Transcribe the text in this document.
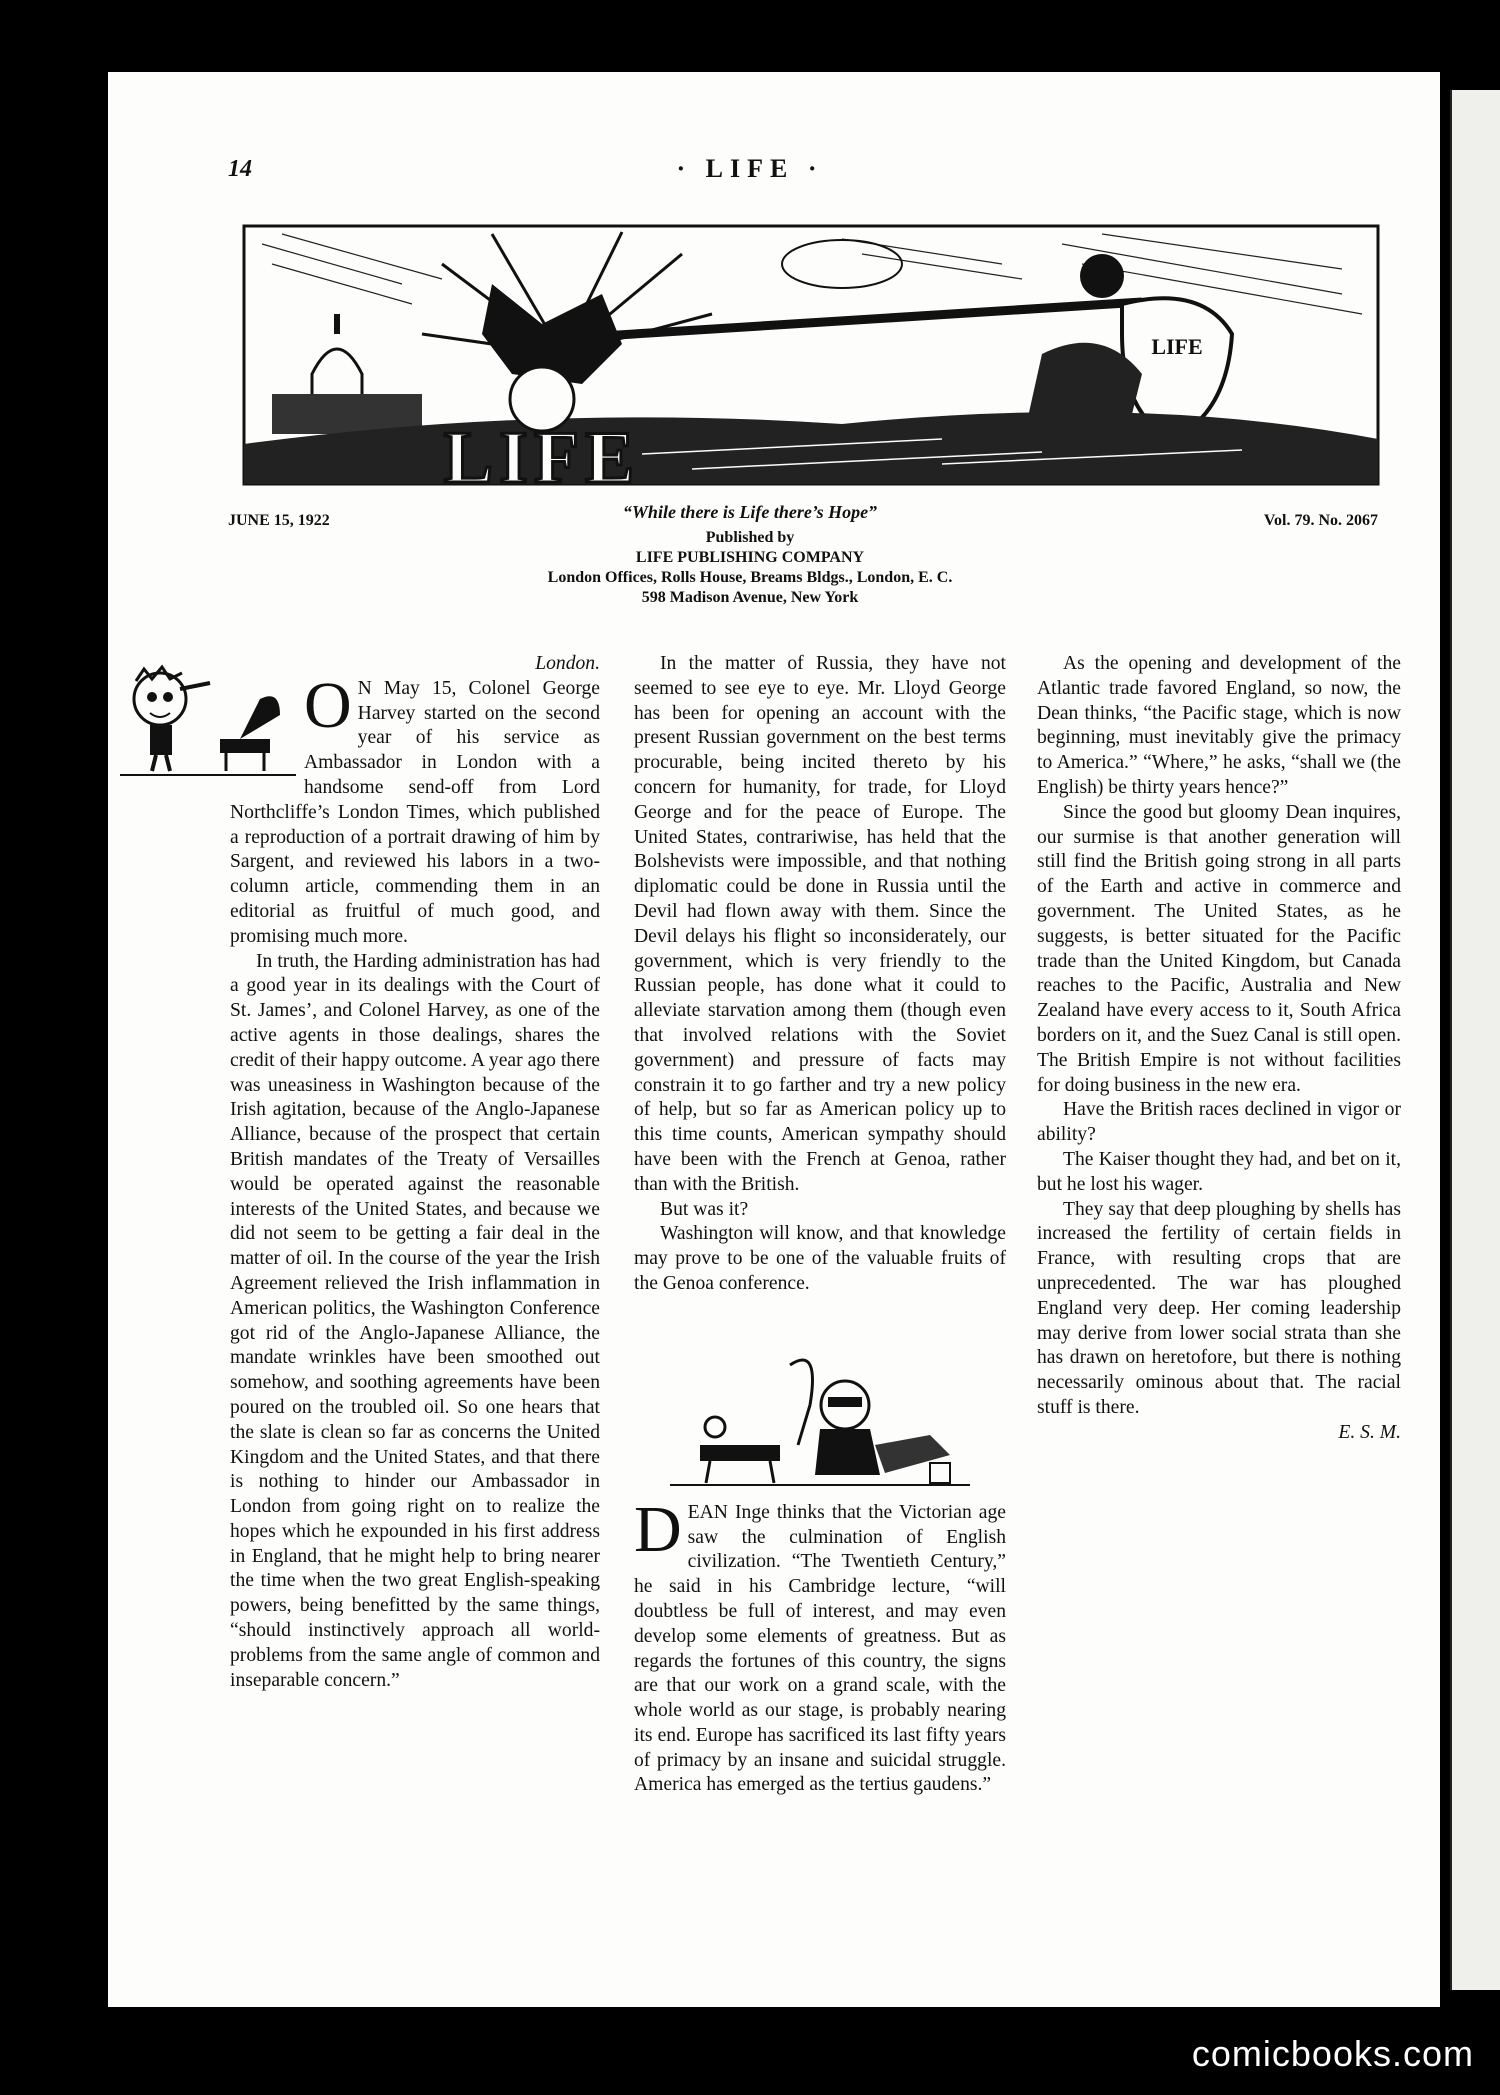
14	· LIFE ·
LIFE
LIFE
JUNE 15, 1922	“While there is Life there’s Hope”
Published by
LIFE PUBLISHING COMPANY
London Offices, Rolls House, Breams Bldgs., London, E. C.
598 Madison Avenue, New York
Vol. 79. No. 2067

London.

O N May 15, Colonel George Harvey started on the second year of his service as Ambassador in London with a handsome send-off from Lord Northcliffe’s London Times, which published a reproduction of a portrait drawing of him by Sargent, and reviewed his labors in a two-column article, commending them in an editorial as fruitful of much good, and promising much more.

In truth, the Harding administration has had a good year in its dealings with the Court of St. James’, and Colonel Harvey, as one of the active agents in those dealings, shares the credit of their happy outcome. A year ago there was uneasiness in Washington because of the Irish agitation, because of the Anglo-Japanese Alliance, because of the prospect that certain British mandates of the Treaty of Versailles would be operated against the reasonable interests of the United States, and because we did not seem to be getting a fair deal in the matter of oil. In the course of the year the Irish Agreement relieved the Irish inflammation in American politics, the Washington Conference got rid of the Anglo-Japanese Alliance, the mandate wrinkles have been smoothed out somehow, and soothing agreements have been poured on the troubled oil. So one hears that the slate is clean so far as concerns the United Kingdom and the United States, and that there is nothing to hinder our Ambassador in London from going right on to realize the hopes which he expounded in his first address in England, that he might help to bring nearer the time when the two great English-speaking powers, being benefitted by the same things, “should instinctively approach all world-problems from the same angle of common and inseparable concern.”

In the matter of Russia, they have not seemed to see eye to eye. Mr. Lloyd George has been for opening an account with the present Russian government on the best terms procurable, being incited thereto by his concern for humanity, for trade, for Lloyd George and for the peace of Europe. The United States, contrariwise, has held that the Bolshevists were impossible, and that nothing diplomatic could be done in Russia until the Devil had flown away with them. Since the Devil delays his flight so inconsiderately, our government, which is very friendly to the Russian people, has done what it could to alleviate starvation among them (though even that involved relations with the Soviet government) and pressure of facts may constrain it to go farther and try a new policy of help, but so far as American policy up to this time counts, American sympathy should have been with the French at Genoa, rather than with the British.

But was it?

Washington will know, and that knowledge may prove to be one of the valuable fruits of the Genoa conference.

DEAN Inge thinks that the Victorian age saw the culmination of English civilization. “The Twentieth Century,” he said in his Cambridge lecture, “will doubtless be full of interest, and may even develop some elements of greatness. But as regards the fortunes of this country, the signs are that our work on a grand scale, with the whole world as our stage, is probably nearing its end. Europe has sacrificed its last fifty years of primacy by an insane and suicidal struggle. America has emerged as the tertius gaudens.”

As the opening and development of the Atlantic trade favored England, so now, the Dean thinks, “the Pacific stage, which is now beginning, must inevitably give the primacy to America.” “Where,” he asks, “shall we (the English) be thirty years hence?”

Since the good but gloomy Dean inquires, our surmise is that another generation will still find the British going strong in all parts of the Earth and active in commerce and government. The United States, as he suggests, is better situated for the Pacific trade than the United Kingdom, but Canada reaches to the Pacific, Australia and New Zealand have every access to it, South Africa borders on it, and the Suez Canal is still open. The British Empire is not without facilities for doing business in the new era.

Have the British races declined in vigor or ability?

The Kaiser thought they had, and bet on it, but he lost his wager.

They say that deep ploughing by shells has increased the fertility of certain fields in France, with resulting crops that are unprecedented. The war has ploughed England very deep. Her coming leadership may derive from lower social strata than she has drawn on heretofore, but there is nothing necessarily ominous about that. The racial stuff is there.

E. S. M.

comicbooks.com
